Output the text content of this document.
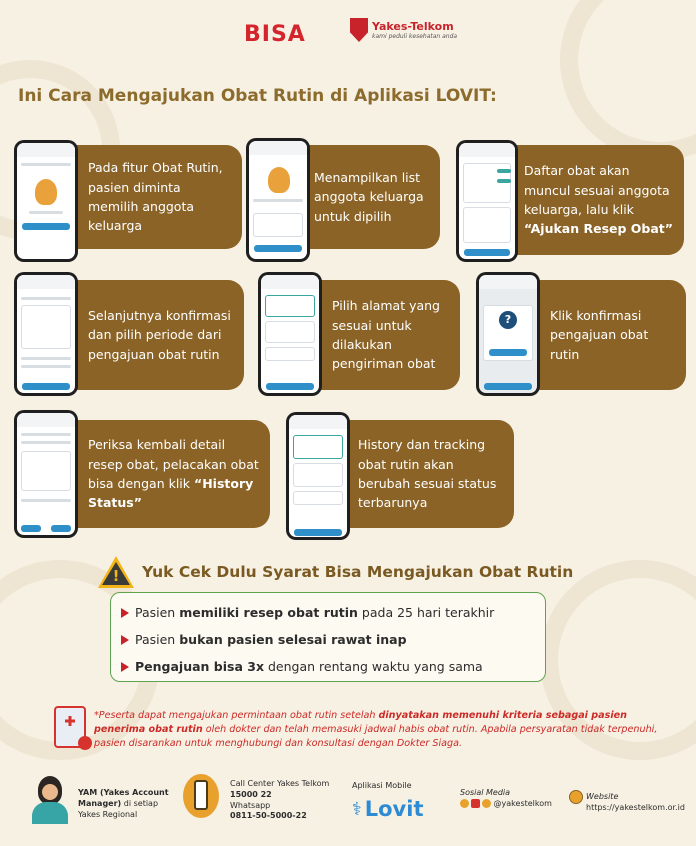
BISA	Yakes-Telkom
kami peduli kesehatan anda
Ini Cara Mengajukan Obat Rutin di Aplikasi LOVIT:
Pada fitur Obat Rutin, pasien diminta memilih anggota keluarga
Menampilkan list anggota keluarga untuk dipilih
Daftar obat akan muncul sesuai anggota keluarga, lalu klik “Ajukan Resep Obat”
Selanjutnya konfirmasi dan pilih periode dari pengajuan obat rutin
Pilih alamat yang sesuai untuk dilakukan pengiriman obat
Klik konfirmasi pengajuan obat rutin
?
Periksa kembali detail resep obat, pelacakan obat bisa dengan klik “History Status”
History dan tracking obat rutin akan berubah sesuai status terbarunya
!	Yuk Cek Dulu Syarat Bisa Mengajukan Obat Rutin
Pasien memiliki resep obat rutin pada 25 hari terakhir
Pasien bukan pasien selesai rawat inap
Pengajuan bisa 3x dengan rentang waktu yang sama
*Peserta dapat mengajukan permintaan obat rutin setelah dinyatakan memenuhi kriteria sebagai pasien penerima obat rutin oleh dokter dan telah memasuki jadwal habis obat rutin. Apabila persyaratan tidak terpenuhi, pasien disarankan untuk menghubungi dan konsultasi dengan Dokter Siaga.
YAM (Yakes Account Manager) di setiap Yakes Regional
Call Center Yakes Telkom
15000 22
Whatsapp
0811-50-5000-22
Aplikasi Mobile
⚕ Lovit
Sosial Media
@yakestelkom
Website
https://yakestelkom.or.id
